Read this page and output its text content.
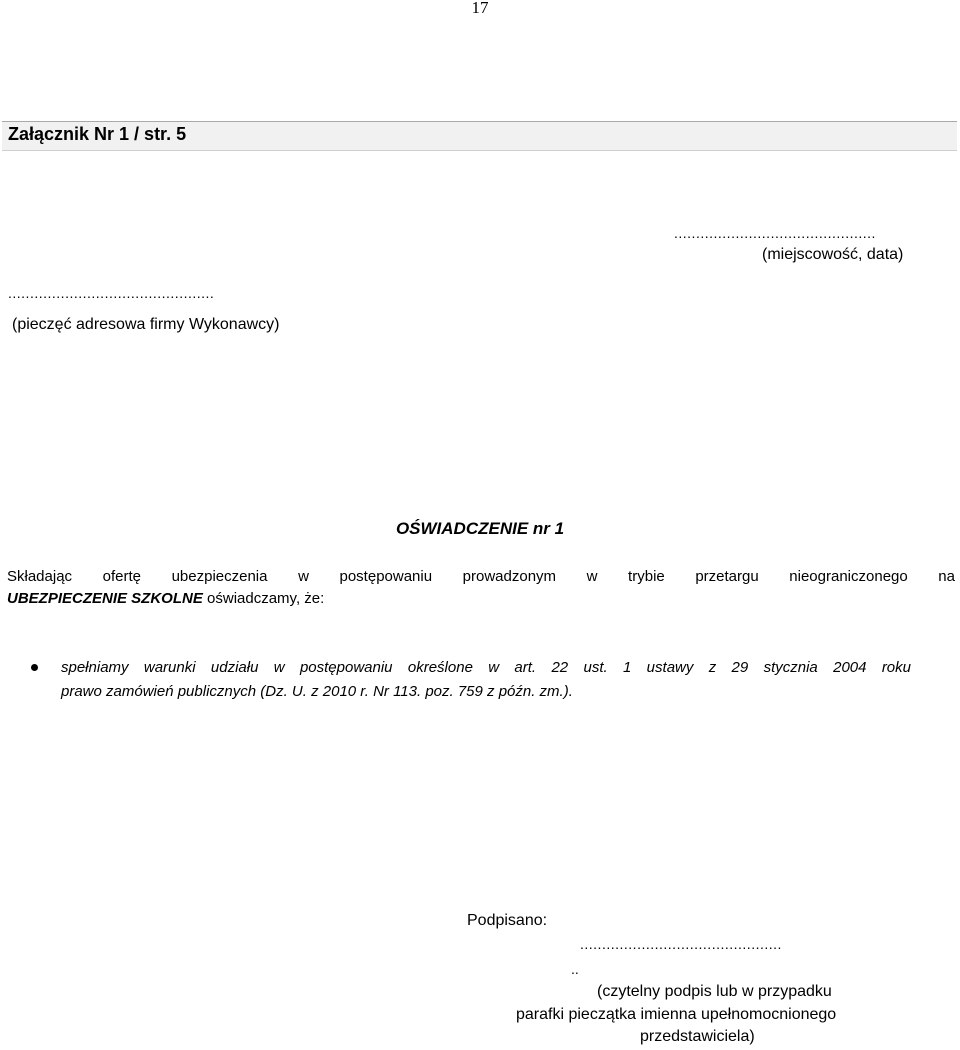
17
Załącznik Nr 1 / str. 5
..............................................
(miejscowość, data)
...............................................
(pieczęć adresowa firmy Wykonawcy)
OŚWIADCZENIE nr 1
Składając ofertę ubezpieczenia w postępowaniu prowadzonym w trybie przetargu nieograniczonego na
UBEZPIECZENIE SZKOLNE oświadczamy, że:
spełniamy warunki udziału w postępowaniu określone w art. 22 ust. 1 ustawy z 29 stycznia 2004 roku
prawo zamówień publicznych (Dz. U. z 2010 r. Nr 113. poz. 759 z późn. zm.).
Podpisano:
..............................................
..
(czytelny podpis lub w przypadku
parafki pieczątka imienna upełnomocnionego
przedstawiciela)
